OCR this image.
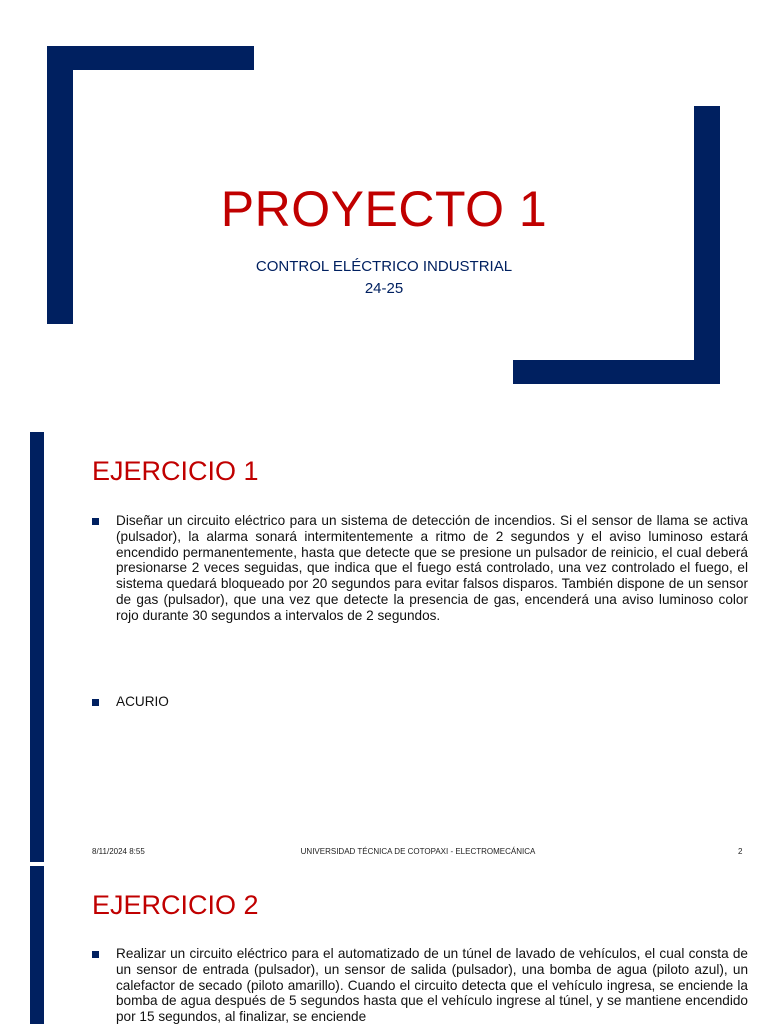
PROYECTO 1
CONTROL ELÉCTRICO INDUSTRIAL
24-25
EJERCICIO 1
Diseñar un circuito eléctrico para un sistema de detección de incendios. Si el sensor de llama se activa (pulsador), la alarma sonará intermitentemente a ritmo de 2 segundos y el aviso luminoso estará encendido permanentemente, hasta que detecte que se presione un pulsador de reinicio, el cual deberá presionarse 2 veces seguidas, que indica que el fuego está controlado, una vez controlado el fuego, el sistema quedará bloqueado por 20 segundos para evitar falsos disparos. También dispone de un sensor de gas (pulsador), que una vez que detecte la presencia de gas, encenderá una aviso luminoso color rojo durante 30 segundos a intervalos de 2 segundos.
ACURIO
8/11/2024 8:55	UNIVERSIDAD TÉCNICA DE COTOPAXI - ELECTROMECÁNICA	2
EJERCICIO 2
Realizar un circuito eléctrico para el automatizado de un túnel de lavado de vehículos, el cual consta de un sensor de entrada (pulsador), un sensor de salida (pulsador), una bomba de agua (piloto azul), un calefactor de secado (piloto amarillo). Cuando el circuito detecta que el vehículo ingresa, se enciende la bomba de agua después de 5 segundos hasta que el vehículo ingrese al túnel, y se mantiene encendido por 15 segundos, al finalizar, se enciende
